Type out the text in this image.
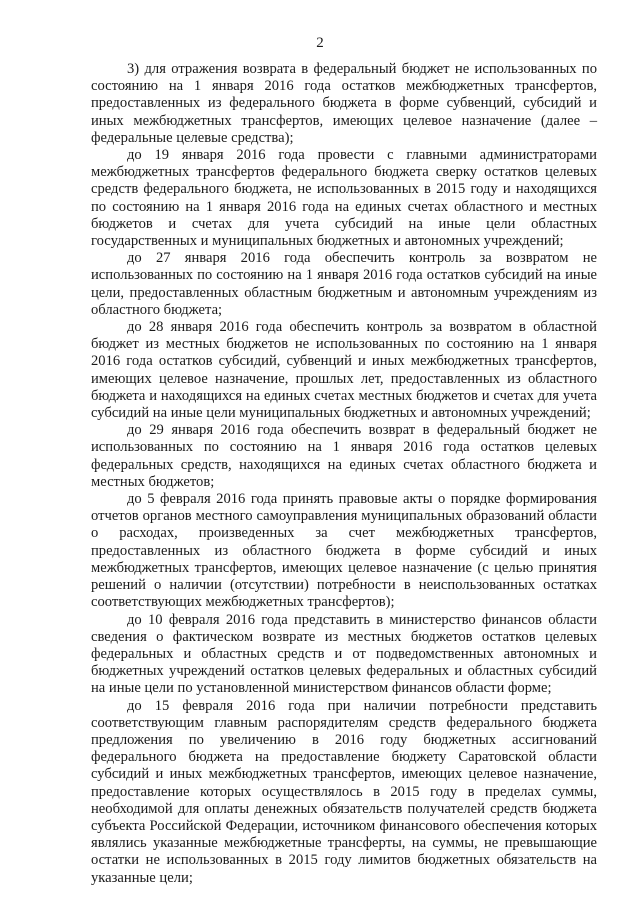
2

3) для отражения возврата в федеральный бюджет не использованных по состоянию на 1 января 2016 года остатков межбюджетных трансфертов, предоставленных из федерального бюджета в форме субвенций, субсидий и иных межбюджетных трансфертов, имеющих целевое назначение (далее – федеральные целевые средства);

до 19 января 2016 года провести с главными администраторами межбюджетных трансфертов федерального бюджета сверку остатков целевых средств федерального бюджета, не использованных в 2015 году и находящихся по состоянию на 1 января 2016 года на единых счетах областного и местных бюджетов и счетах для учета субсидий на иные цели областных государственных и муниципальных бюджетных и автономных учреждений;

до 27 января 2016 года обеспечить контроль за возвратом не использованных по состоянию на 1 января 2016 года остатков субсидий на иные цели, предоставленных областным бюджетным и автономным учреждениям из областного бюджета;

до 28 января 2016 года обеспечить контроль за возвратом в областной бюджет из местных бюджетов не использованных по состоянию на 1 января 2016 года остатков субсидий, субвенций и иных межбюджетных трансфертов, имеющих целевое назначение, прошлых лет, предоставленных из областного бюджета и находящихся на единых счетах местных бюджетов и счетах для учета субсидий на иные цели муниципальных бюджетных и автономных учреждений;

до 29 января 2016 года обеспечить возврат в федеральный бюджет не использованных по состоянию на 1 января 2016 года остатков целевых федеральных средств, находящихся на единых счетах областного бюджета и местных бюджетов;

до 5 февраля 2016 года принять правовые акты о порядке формирования отчетов органов местного самоуправления муниципальных образований области о расходах, произведенных за счет межбюджетных трансфертов, предоставленных из областного бюджета в форме субсидий и иных межбюджетных трансфертов, имеющих целевое назначение (с целью принятия решений о наличии (отсутствии) потребности в неиспользованных остатках соответствующих межбюджетных трансфертов);

до 10 февраля 2016 года представить в министерство финансов области сведения о фактическом возврате из местных бюджетов остатков целевых федеральных и областных средств и от подведомственных автономных и бюджетных учреждений остатков целевых федеральных и областных субсидий на иные цели по установленной министерством финансов области форме;

до 15 февраля 2016 года при наличии потребности представить соответствующим главным распорядителям средств федерального бюджета предложения по увеличению в 2016 году бюджетных ассигнований федерального бюджета на предоставление бюджету Саратовской области субсидий и иных межбюджетных трансфертов, имеющих целевое назначение, предоставление которых осуществлялось в 2015 году в пределах суммы, необходимой для оплаты денежных обязательств получателей средств бюджета субъекта Российской Федерации, источником финансового обеспечения которых являлись указанные межбюджетные трансферты, на суммы, не превышающие остатки не использованных в 2015 году лимитов бюджетных обязательств на указанные цели;
